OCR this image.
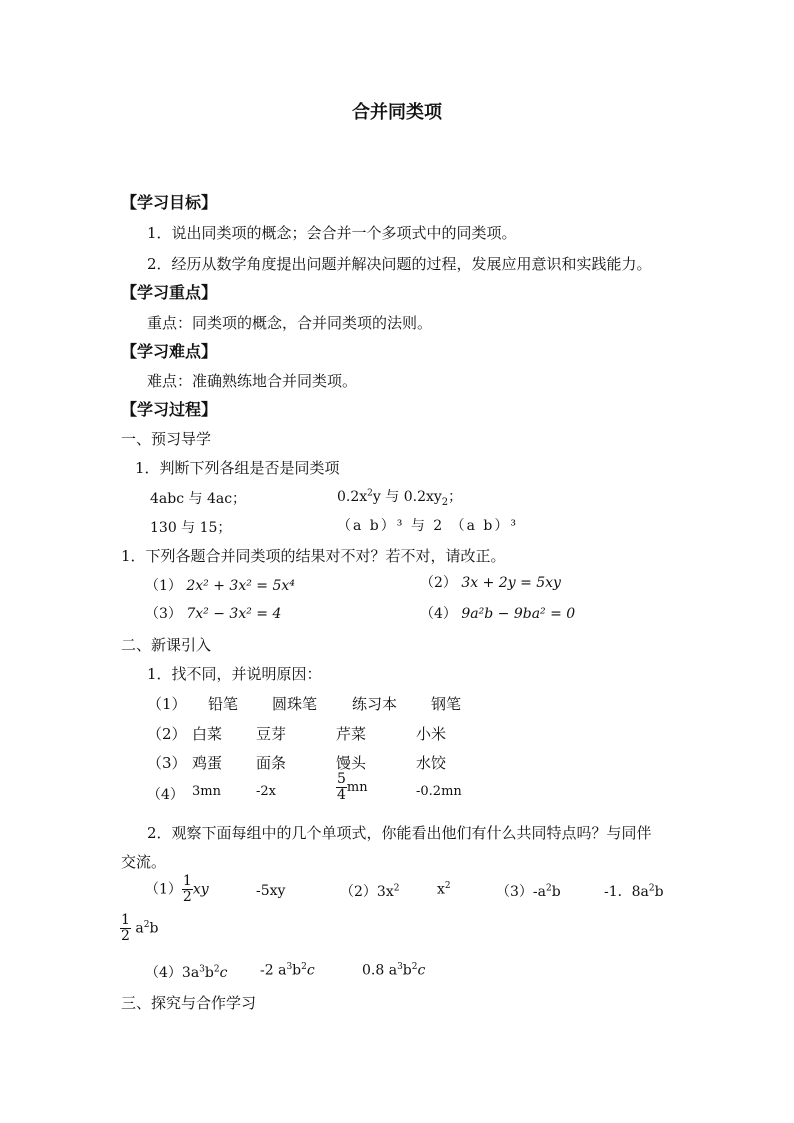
合并同类项
【学习目标】
1．说出同类项的概念；会合并一个多项式中的同类项。
2．经历从数学角度提出问题并解决问题的过程，发展应用意识和实践能力。
【学习重点】
重点：同类项的概念，合并同类项的法则。
【学习难点】
难点：准确熟练地合并同类项。
【学习过程】
一、预习导学
1．判断下列各组是否是同类项
4abc 与 4ac；	$0.2x^2y$ 与 $0.2xy_2$；
130 与 15；	（a b）³ 与 2 （a b）³
1．下列各题合并同类项的结果对不对？若不对，请改正。
（1） 2x² + 3x² = 5x⁴	（2） 3x + 2y = 5xy
（3） 7x² − 3x² = 4	（4） 9a²b − 9ba² = 0
二、新课引入
1．找不同，并说明原因：
（1） 铅笔 圆珠笔 练习本 钢笔
（2） 白菜 豆芽	芹菜	小米
（3） 鸡蛋 面条	馒头	水饺
（4） 3mn	-2x	$\frac{5}{4}$ mn	-0.2mn
2．观察下面每组中的几个单项式，你能看出他们有什么共同特点吗？与同伴
交流。
$(1) \frac{1}{2}$ xy	-5xy	$(2)3x^2$	$x^2$	$(3)-a^2b$	-1．$8a^2b$
$\frac{1}{2} a^2b$
$(4)3a^3b^2c$ -2 $a^3b^2c$	0.8 $a^3b^2c$
三、探究与合作学习
